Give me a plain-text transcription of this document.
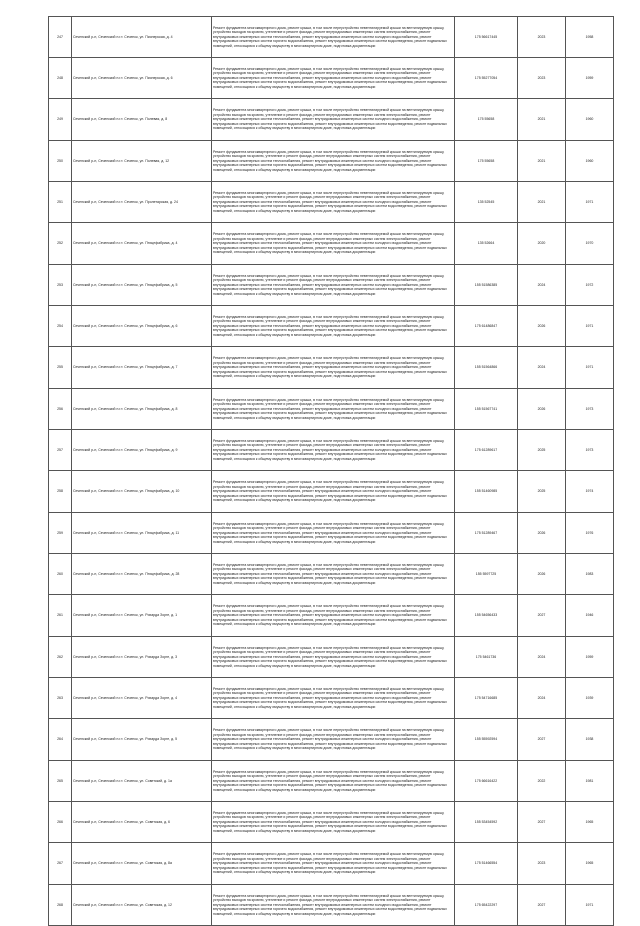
247	Сеченский р-н, Сеченский п.г.т. Сеченск, ул. Пионерская, д. 4	Ремонт фундамента многоквартирного дома, ремонт крыши, в том числе переустройство невентилируемой крыши на вентилируемую крышу, устройство выходов на кровлю, утепление и ремонт фасада, ремонт внутридомовых инженерных систем электроснабжения, ремонт внутридомовых инженерных систем теплоснабжения, ремонт внутридомовых инженерных систем холодного водоснабжения, ремонт внутридомовых инженерных систем горячего водоснабжения, ремонт внутридомовых инженерных систем водоотведения, ремонт подвальных помещений, относящихся к общему имуществу в многоквартирном доме, подготовка документации	175 56617445	2023	1958
248	Сеченский р-н, Сеченский п.г.т. Сеченск, ул. Пионерская, д. 6	Ремонт фундамента многоквартирного дома, ремонт крыши, в том числе переустройство невентилируемой крыши на вентилируемую крышу, устройство выходов на кровлю, утепление и ремонт фасада, ремонт внутридомовых инженерных систем электроснабжения, ремонт внутридомовых инженерных систем теплоснабжения, ремонт внутридомовых инженерных систем холодного водоснабжения, ремонт внутридомовых инженерных систем горячего водоснабжения, ремонт внутридомовых инженерных систем водоотведения, ремонт подвальных помещений, относящихся к общему имуществу в многоквартирном доме, подготовка документации	175 55277054	2023	1959
249	Сеченский р-н, Сеченский п.г.т. Сеченск, ул. Полевая, д. 8	Ремонт фундамента многоквартирного дома, ремонт крыши, в том числе переустройство невентилируемой крыши на вентилируемую крышу, устройство выходов на кровлю, утепление и ремонт фасада, ремонт внутридомовых инженерных систем электроснабжения, ремонт внутридомовых инженерных систем теплоснабжения, ремонт внутридомовых инженерных систем холодного водоснабжения, ремонт внутридомовых инженерных систем горячего водоснабжения, ремонт внутридомовых инженерных систем водоотведения, ремонт подвальных помещений, относящихся к общему имуществу в многоквартирном доме, подготовка документации	175 55658	2021	1960
250	Сеченский р-н, Сеченский п.г.т. Сеченск, ул. Полевая, д. 12	Ремонт фундамента многоквартирного дома, ремонт крыши, в том числе переустройство невентилируемой крыши на вентилируемую крышу, устройство выходов на кровлю, утепление и ремонт фасада, ремонт внутридомовых инженерных систем электроснабжения, ремонт внутридомовых инженерных систем теплоснабжения, ремонт внутридомовых инженерных систем холодного водоснабжения, ремонт внутридомовых инженерных систем горячего водоснабжения, ремонт внутридомовых инженерных систем водоотведения, ремонт подвальных помещений, относящихся к общему имуществу в многоквартирном доме, подготовка документации	175 55658	2021	1960
251	Сеченский р-н, Сеченский п.г.т. Сеченск, ул. Пролетарская, д. 24	Ремонт фундамента многоквартирного дома, ремонт крыши, в том числе переустройство невентилируемой крыши на вентилируемую крышу, устройство выходов на кровлю, утепление и ремонт фасада, ремонт внутридомовых инженерных систем электроснабжения, ремонт внутридомовых инженерных систем теплоснабжения, ремонт внутридомовых инженерных систем холодного водоснабжения, ремонт внутридомовых инженерных систем горячего водоснабжения, ремонт внутридомовых инженерных систем водоотведения, ремонт подвальных помещений, относящихся к общему имуществу в многоквартирном доме, подготовка документации	135 52545	2021	1971
252	Сеченский р-н, Сеченский п.г.т. Сеченск, ул. Птицефабрика, д. 4	Ремонт фундамента многоквартирного дома, ремонт крыши, в том числе переустройство невентилируемой крыши на вентилируемую крышу, устройство выходов на кровлю, утепление и ремонт фасада, ремонт внутридомовых инженерных систем электроснабжения, ремонт внутридомовых инженерных систем теплоснабжения, ремонт внутридомовых инженерных систем холодного водоснабжения, ремонт внутридомовых инженерных систем горячего водоснабжения, ремонт внутридомовых инженерных систем водоотведения, ремонт подвальных помещений, относящихся к общему имуществу в многоквартирном доме, подготовка документации	135 52664	2020	1970
253	Сеченский р-н, Сеченский п.г.т. Сеченск, ул. Птицефабрика, д. 5	Ремонт фундамента многоквартирного дома, ремонт крыши, в том числе переустройство невентилируемой крыши на вентилируемую крышу, устройство выходов на кровлю, утепление и ремонт фасада, ремонт внутридомовых инженерных систем электроснабжения, ремонт внутридомовых инженерных систем теплоснабжения, ремонт внутридомовых инженерных систем холодного водоснабжения, ремонт внутридомовых инженерных систем горячего водоснабжения, ремонт внутридомовых инженерных систем водоотведения, ремонт подвальных помещений, относящихся к общему имуществу в многоквартирном доме, подготовка документации	155 51586385	2024	1972
254	Сеченский р-н, Сеченский п.г.т. Сеченск, ул. Птицефабрика, д. 6	Ремонт фундамента многоквартирного дома, ремонт крыши, в том числе переустройство невентилируемой крыши на вентилируемую крышу, устройство выходов на кровлю, утепление и ремонт фасада, ремонт внутридомовых инженерных систем электроснабжения, ремонт внутридомовых инженерных систем теплоснабжения, ремонт внутридомовых инженерных систем холодного водоснабжения, ремонт внутридомовых инженерных систем горячего водоснабжения, ремонт внутридомовых инженерных систем водоотведения, ремонт подвальных помещений, относящихся к общему имуществу в многоквартирном доме, подготовка документации	175 61486847	2026	1971
255	Сеченский р-н, Сеченский п.г.т. Сеченск, ул. Птицефабрика, д. 7	Ремонт фундамента многоквартирного дома, ремонт крыши, в том числе переустройство невентилируемой крыши на вентилируемую крышу, устройство выходов на кровлю, утепление и ремонт фасада, ремонт внутридомовых инженерных систем электроснабжения, ремонт внутридомовых инженерных систем теплоснабжения, ремонт внутридомовых инженерных систем холодного водоснабжения, ремонт внутридомовых инженерных систем горячего водоснабжения, ремонт внутридомовых инженерных систем водоотведения, ремонт подвальных помещений, относящихся к общему имуществу в многоквартирном доме, подготовка документации	155 51564866	2024	1971
256	Сеченский р-н, Сеченский п.г.т. Сеченск, ул. Птицефабрика, д. 8	Ремонт фундамента многоквартирного дома, ремонт крыши, в том числе переустройство невентилируемой крыши на вентилируемую крышу, устройство выходов на кровлю, утепление и ремонт фасада, ремонт внутридомовых инженерных систем электроснабжения, ремонт внутридомовых инженерных систем теплоснабжения, ремонт внутридомовых инженерных систем холодного водоснабжения, ремонт внутридомовых инженерных систем горячего водоснабжения, ремонт внутридомовых инженерных систем водоотведения, ремонт подвальных помещений, относящихся к общему имуществу в многоквартирном доме, подготовка документации	155 51567741	2026	1973
257	Сеченский р-н, Сеченский п.г.т. Сеченск, ул. Птицефабрика, д. 9	Ремонт фундамента многоквартирного дома, ремонт крыши, в том числе переустройство невентилируемой крыши на вентилируемую крышу, устройство выходов на кровлю, утепление и ремонт фасада, ремонт внутридомовых инженерных систем электроснабжения, ремонт внутридомовых инженерных систем теплоснабжения, ремонт внутридомовых инженерных систем холодного водоснабжения, ремонт внутридомовых инженерных систем горячего водоснабжения, ремонт внутридомовых инженерных систем водоотведения, ремонт подвальных помещений, относящихся к общему имуществу в многоквартирном доме, подготовка документации	175 61289617	2025	1973
258	Сеченский р-н, Сеченский п.г.т. Сеченск, ул. Птицефабрика, д. 10	Ремонт фундамента многоквартирного дома, ремонт крыши, в том числе переустройство невентилируемой крыши на вентилируемую крышу, устройство выходов на кровлю, утепление и ремонт фасада, ремонт внутридомовых инженерных систем электроснабжения, ремонт внутридомовых инженерных систем теплоснабжения, ремонт внутридомовых инженерных систем холодного водоснабжения, ремонт внутридомовых инженерных систем горячего водоснабжения, ремонт внутридомовых инженерных систем водоотведения, ремонт подвальных помещений, относящихся к общему имуществу в многоквартирном доме, подготовка документации	155 51460985	2025	1974
259	Сеченский р-н, Сеченский п.г.т. Сеченск, ул. Птицефабрика, д. 11	Ремонт фундамента многоквартирного дома, ремонт крыши, в том числе переустройство невентилируемой крыши на вентилируемую крышу, устройство выходов на кровлю, утепление и ремонт фасада, ремонт внутридомовых инженерных систем электроснабжения, ремонт внутридомовых инженерных систем теплоснабжения, ремонт внутридомовых инженерных систем холодного водоснабжения, ремонт внутридомовых инженерных систем горячего водоснабжения, ремонт внутридомовых инженерных систем водоотведения, ремонт подвальных помещений, относящихся к общему имуществу в многоквартирном доме, подготовка документации	175 51289467	2026	1976
260	Сеченский р-н, Сеченский п.г.т. Сеченск, ул. Птицефабрика, д. 28	Ремонт фундамента многоквартирного дома, ремонт крыши, в том числе переустройство невентилируемой крыши на вентилируемую крышу, устройство выходов на кровлю, утепление и ремонт фасада, ремонт внутридомовых инженерных систем электроснабжения, ремонт внутридомовых инженерных систем теплоснабжения, ремонт внутридомовых инженерных систем холодного водоснабжения, ремонт внутридомовых инженерных систем горячего водоснабжения, ремонт внутридомовых инженерных систем водоотведения, ремонт подвальных помещений, относящихся к общему имуществу в многоквартирном доме, подготовка документации	155 5597725	2026	1983
261	Сеченский р-н, Сеченский п.г.т. Сеченск, ул. Рихарда Зорге, д. 1	Ремонт фундамента многоквартирного дома, ремонт крыши, в том числе переустройство невентилируемой крыши на вентилируемую крышу, устройство выходов на кровлю, утепление и ремонт фасада, ремонт внутридомовых инженерных систем электроснабжения, ремонт внутридомовых инженерных систем теплоснабжения, ремонт внутридомовых инженерных систем холодного водоснабжения, ремонт внутридомовых инженерных систем горячего водоснабжения, ремонт внутридомовых инженерных систем водоотведения, ремонт подвальных помещений, относящихся к общему имуществу в многоквартирном доме, подготовка документации	155 54656433	2027	1946
262	Сеченский р-н, Сеченский п.г.т. Сеченск, ул. Рихарда Зорге, д. 3	Ремонт фундамента многоквартирного дома, ремонт крыши, в том числе переустройство невентилируемой крыши на вентилируемую крышу, устройство выходов на кровлю, утепление и ремонт фасада, ремонт внутридомовых инженерных систем электроснабжения, ремонт внутридомовых инженерных систем теплоснабжения, ремонт внутридомовых инженерных систем холодного водоснабжения, ремонт внутридомовых инженерных систем горячего водоснабжения, ремонт внутридомовых инженерных систем водоотведения, ремонт подвальных помещений, относящихся к общему имуществу в многоквартирном доме, подготовка документации	175 5461736	2024	1959
263	Сеченский р-н, Сеченский п.г.т. Сеченск, ул. Рихарда Зорге, д. 4	Ремонт фундамента многоквартирного дома, ремонт крыши, в том числе переустройство невентилируемой крыши на вентилируемую крышу, устройство выходов на кровлю, утепление и ремонт фасада, ремонт внутридомовых инженерных систем электроснабжения, ремонт внутридомовых инженерных систем теплоснабжения, ремонт внутридомовых инженерных систем холодного водоснабжения, ремонт внутридомовых инженерных систем горячего водоснабжения, ремонт внутридомовых инженерных систем водоотведения, ремонт подвальных помещений, относящихся к общему имуществу в многоквартирном доме, подготовка документации	175 54716685	2024	1939
264	Сеченский р-н, Сеченский п.г.т. Сеченск, ул. Рихарда Зорге, д. 5	Ремонт фундамента многоквартирного дома, ремонт крыши, в том числе переустройство невентилируемой крыши на вентилируемую крышу, устройство выходов на кровлю, утепление и ремонт фасада, ремонт внутридомовых инженерных систем электроснабжения, ремонт внутридомовых инженерных систем теплоснабжения, ремонт внутридомовых инженерных систем холодного водоснабжения, ремонт внутридомовых инженерных систем горячего водоснабжения, ремонт внутридомовых инженерных систем водоотведения, ремонт подвальных помещений, относящихся к общему имуществу в многоквартирном доме, подготовка документации	155 55592594	2027	1938
265	Сеченский р-н, Сеченский п.г.т. Сеченск, ул. Советский, д. 1а	Ремонт фундамента многоквартирного дома, ремонт крыши, в том числе переустройство невентилируемой крыши на вентилируемую крышу, устройство выходов на кровлю, утепление и ремонт фасада, ремонт внутридомовых инженерных систем электроснабжения, ремонт внутридомовых инженерных систем теплоснабжения, ремонт внутридомовых инженерных систем холодного водоснабжения, ремонт внутридомовых инженерных систем горячего водоснабжения, ремонт внутридомовых инженерных систем водоотведения, ремонт подвальных помещений, относящихся к общему имуществу в многоквартирном доме, подготовка документации	175 66616422	2022	1981
266	Сеченский р-н, Сеченский п.г.т. Сеченск, ул. Советская, д. 6	Ремонт фундамента многоквартирного дома, ремонт крыши, в том числе переустройство невентилируемой крыши на вентилируемую крышу, устройство выходов на кровлю, утепление и ремонт фасада, ремонт внутридомовых инженерных систем электроснабжения, ремонт внутридомовых инженерных систем теплоснабжения, ремонт внутридомовых инженерных систем холодного водоснабжения, ремонт внутридомовых инженерных систем горячего водоснабжения, ремонт внутридомовых инженерных систем водоотведения, ремонт подвальных помещений, относящихся к общему имуществу в многоквартирном доме, подготовка документации	155 53454592	2027	1965
267	Сеченский р-н, Сеченский п.г.т. Сеченск, ул. Советская, д. 8а	Ремонт фундамента многоквартирного дома, ремонт крыши, в том числе переустройство невентилируемой крыши на вентилируемую крышу, устройство выходов на кровлю, утепление и ремонт фасада, ремонт внутридомовых инженерных систем электроснабжения, ремонт внутридомовых инженерных систем теплоснабжения, ремонт внутридомовых инженерных систем холодного водоснабжения, ремонт внутридомовых инженерных систем горячего водоснабжения, ремонт внутридомовых инженерных систем водоотведения, ремонт подвальных помещений, относящихся к общему имуществу в многоквартирном доме, подготовка документации	175 51466554	2023	1965
268	Сеченский р-н, Сеченский п.г.т. Сеченск, ул. Советская, д. 12	Ремонт фундамента многоквартирного дома, ремонт крыши, в том числе переустройство невентилируемой крыши на вентилируемую крышу, устройство выходов на кровлю, утепление и ремонт фасада, ремонт внутридомовых инженерных систем электроснабжения, ремонт внутридомовых инженерных систем теплоснабжения, ремонт внутридомовых инженерных систем холодного водоснабжения, ремонт внутридомовых инженерных систем горячего водоснабжения, ремонт внутридомовых инженерных систем водоотведения, ремонт подвальных помещений, относящихся к общему имуществу в многоквартирном доме, подготовка документации	175 65422297	2027	1971
